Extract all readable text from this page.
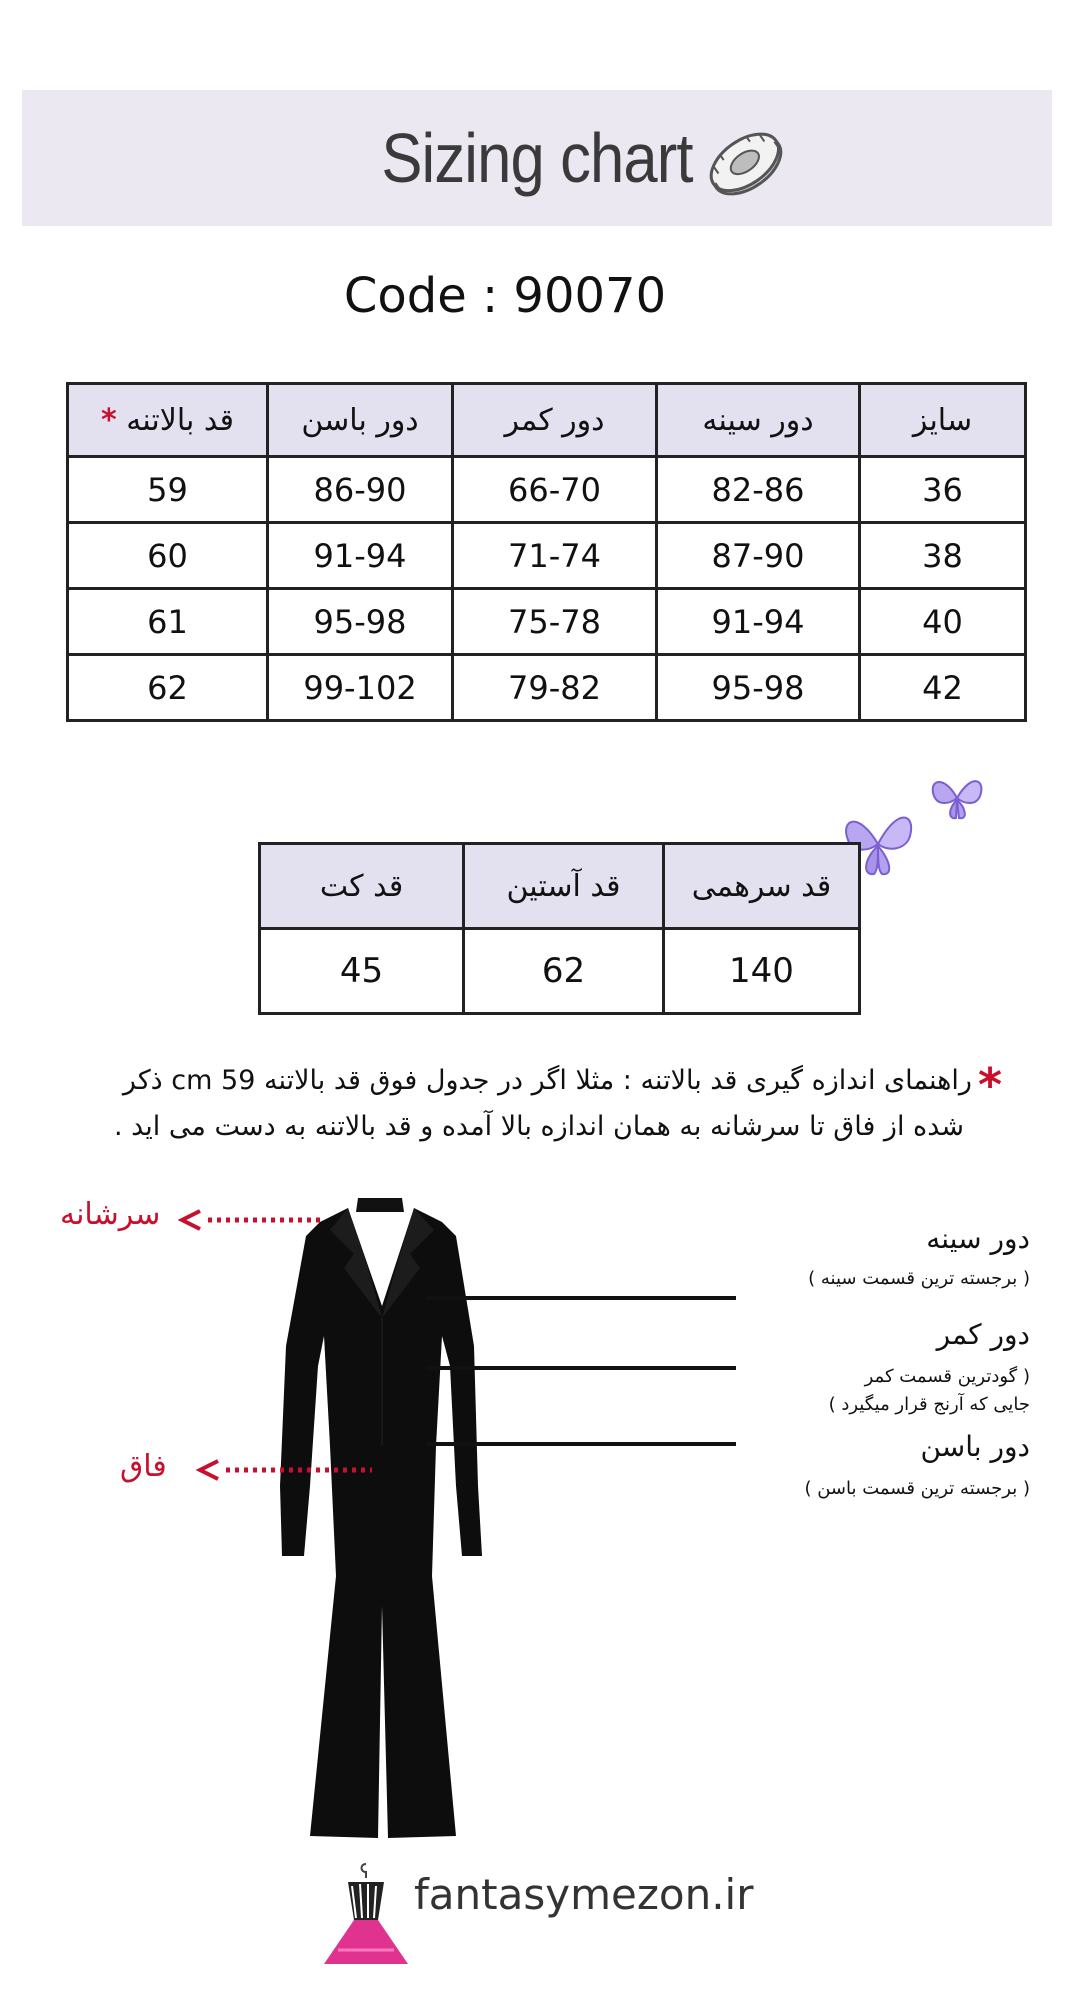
Sizing chart
Code : 90070
سایز	دور سینه	دور کمر	دور باسن	قد بالاتنه *
36	82-86	66-70	86-90	59
38	87-90	71-74	91-94	60
40	91-94	75-78	95-98	61
42	95-98	79-82	99-102	62
قد سرهمی	قد آستین	قد کت
140	62	45
*راهنمای اندازه گیری قد بالاتنه : مثلا اگر در جدول فوق قد بالاتنه 59 cm ذکر
شده از فاق تا سرشانه به همان اندازه بالا آمده و قد بالاتنه به دست می اید .
سرشانه
فاق
دور سینه
( برجسته ترین قسمت سینه )
دور کمر
( گودترین قسمت کمر
جایی که آرنج قرار میگیرد )
دور باسن
( برجسته ترین قسمت باسن )
fantasymezon.ir
